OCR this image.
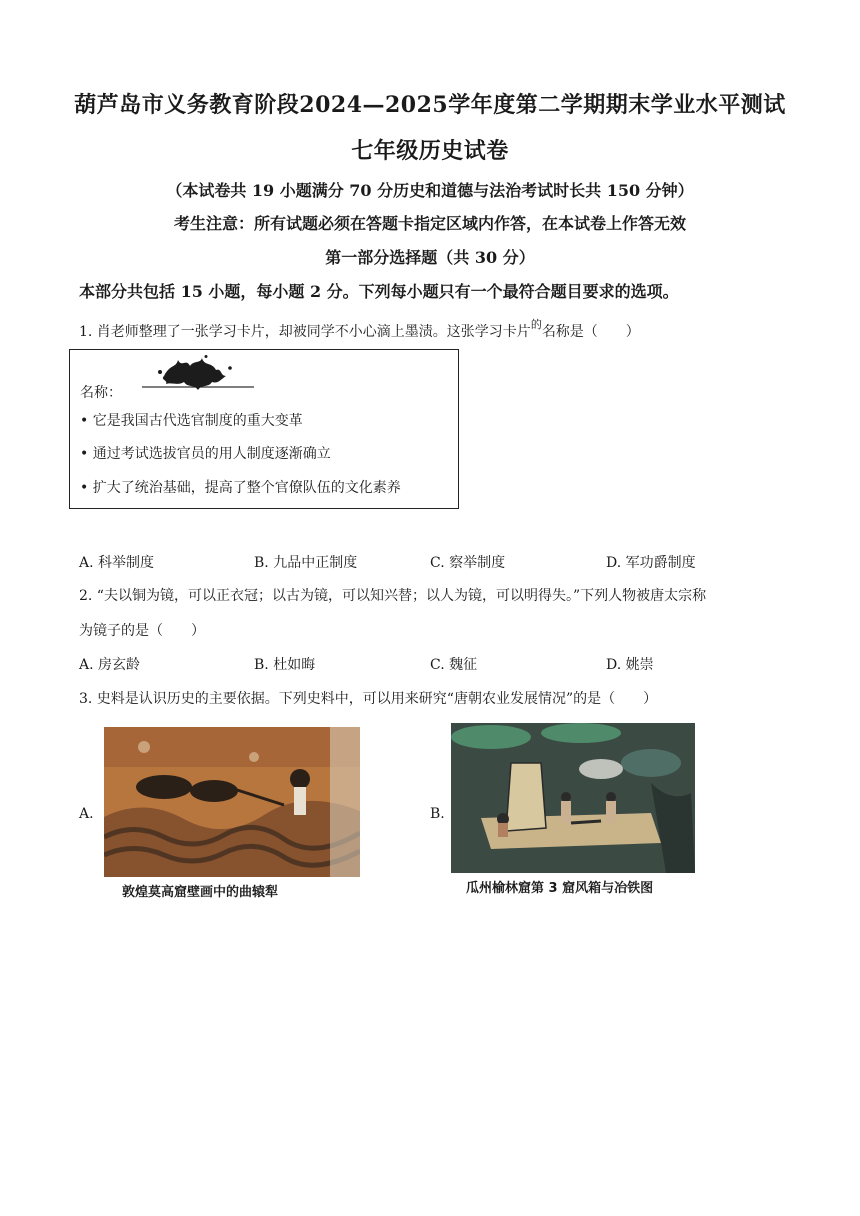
葫芦岛市义务教育阶段2024—2025学年度第二学期期末学业水平测试
七年级历史试卷
（本试卷共 19 小题满分 70 分历史和道德与法治考试时长共 150 分钟）
考生注意：所有试题必须在答题卡指定区域内作答，在本试卷上作答无效
第一部分选择题（共 30 分）
本部分共包括 15 小题，每小题 2 分。下列每小题只有一个最符合题目要求的选项。
1. 肖老师整理了一张学习卡片，却被同学不小心滴上墨渍。这张学习卡片$^的$名称是（　　）
名称：
• 它是我国古代选官制度的重大变革
• 通过考试选拔官员的用人制度逐渐确立
• 扩大了统治基础，提高了整个官僚队伍的文化素养
A. 科举制度	B. 九品中正制度	C. 察举制度	D. 军功爵制度
2. “夫以铜为镜，可以正衣冠；以古为镜，可以知兴替；以人为镜，可以明得失。”下列人物被唐太宗称
为镜子的是（　　）
A. 房玄龄	B. 杜如晦	C. 魏征	D. 姚崇
3. 史料是认识历史的主要依据。下列史料中，可以用来研究“唐朝农业发展情况”的是（　　）
A.
敦煌莫高窟壁画中的曲辕犁
B.
瓜州榆林窟第 3 窟风箱与冶铁图
